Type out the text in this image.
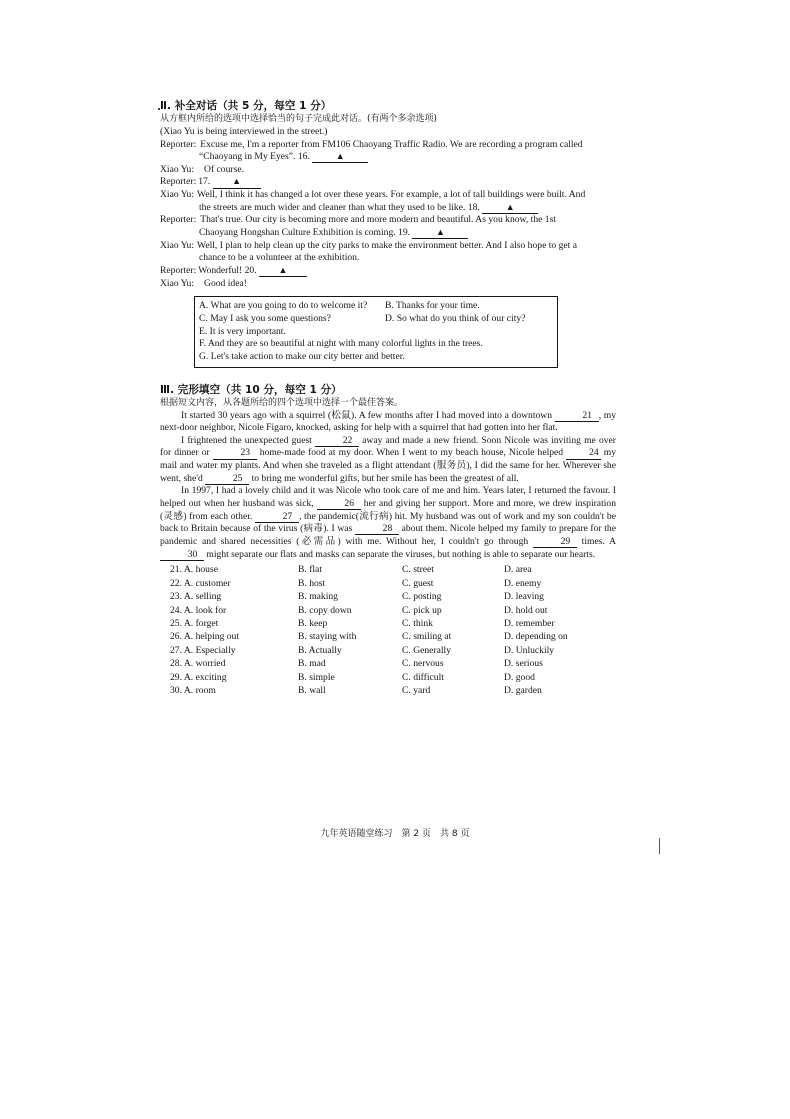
Ⅱ. 补全对话（共 5 分，每空 1 分）

从方框内所给的选项中选择恰当的句子完成此对话。(有两个多余选项)

(Xiao Yu is being interviewed in the street.)

Reporter: Excuse me, I'm a reporter from FM106 Chaoyang Traffic Radio. We are recording a program called

“Chaoyang in My Eyes”. 16.	▲

Xiao Yu:	Of course.
Reporter: 17. ▲
Xiao Yu: Well, I think it has changed a lot over these years. For example, a lot of tall buildings were built. And

the streets are much wider and cleaner than what they used to be like. 18.	▲

Reporter: That's true. Our city is becoming more and more modern and beautiful. As you know, the 1st

Chaoyang Hongshan Culture Exhibition is coming. 19.	▲

Xiao Yu: Well, I plan to help clean up the city parks to make the environment better. And I also hope to get a

chance to be a volunteer at the exhibition.

Reporter: Wonderful! 20. ▲
Xiao Yu:	Good idea!
A. What are you going to do to welcome it?	B. Thanks for your time.
C. May I ask you some questions?	D. So what do you think of our city?
E. It is very important.
F. And they are so beautiful at night with many colorful lights in the trees.
G. Let's take action to make our city better and better.

Ⅲ. 完形填空（共 10 分，每空 1 分）

根据短文内容，从各题所给的四个选项中选择一个最佳答案。

It started 30 years ago with a squirrel (松鼠). A few months after I had moved into a downtown	21 , my next-door neighbor, Nicole Figaro, knocked, asking for help with a squirrel that had gotten into her flat.

I frightened the unexpected guest	22 away and made a new friend. Soon Nicole was inviting me over for dinner or	23 home-made food at my door. When I went to my beach house, Nicole helped 24 my mail and water my plants. And when she traveled as a flight attendant (服务员), I did the same for her. Wherever she went, she'd	25 to bring me wonderful gifts, but her smile has been the greatest of all.

In 1997, I had a lovely child and it was Nicole who took care of me and him. Years later, I returned the favour. I helped out when her husband was sick,	26 her and giving her support. More and more, we drew inspiration (灵感) from each other.	27 , the pandemic(流行病) hit. My husband was out of work and my son couldn't be back to Britain because of the virus (病毒). I was	28 about them. Nicole helped my family to prepare for the pandemic and shared necessities (必需品) with me. Without her, I couldn't go through	29 times. A 30 might separate our flats and masks can separate the viruses, but nothing is able to separate our hearts.

21. A. house	B. flat	C. street	D. area
22. A. customer	B. host	C. guest	D. enemy
23. A. selling	B. making	C. posting	D. leaving
24. A. look for	B. copy down	C. pick up	D. hold out
25. A. forget	B. keep	C. think	D. remember
26. A. helping out	B. staying with	C. smiling at	D. depending on
27. A. Especially	B. Actually	C. Generally	D. Unluckily
28. A. worried	B. mad	C. nervous	D. serious
29. A. exciting	B. simple	C. difficult	D. good
30. A. room	B. wall	C. yard	D. garden
九年英语随堂练习　第 2 页　共 8 页
